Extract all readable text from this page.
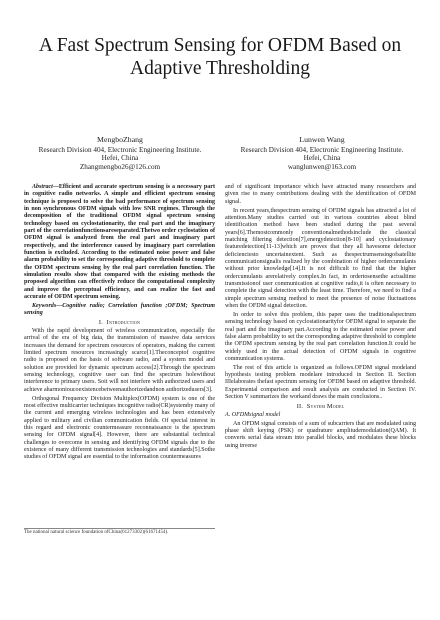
A Fast Spectrum Sensing for OFDM Based on Adaptive Thresholding
MengboZhang
Research Division 404, Electronic Engineering Institute.
Hefei, China
Zhangmengbo26@126.com
Lunwen Wang
Research Division 404, Electronic Engineering Institute.
Hefei, China
wanglunwen@163.com

Abstract—Efficient and accurate spectrum sensing is a necessary part in cognitive radio networks. A simple and efficient spectrum sensing technique is proposed to solve the bad performance of spectrum sensing in non synchronous OFDM signals with low SNR regimes. Through the decomposition of the traditional OFDM signal spectrum sensing technology based on cyclostationarity, the real part and the imaginary part of the correlationfunctionsareseparated.Thetwo order cyclostation of OFDM signal is analyzed from the real part and imaginary part respectively, and the interference caused by imaginary part correlation function is excluded. According to the estimated noise power and false alarm probability to set the corresponding adaptive threshold to complete the OFDM spectrum sensing by the real part correlation function. The simulation results show that compared with the existing methods the proposed algorithm can effectively reduce the computational complexity and improve the perceptual efficiency, and can realize the fast and accurate of OFDM spectrum sensing.

Keywords—Cognitive radio; Correlation function ;OFDM; Spectrum sensing

I. Introduction

With the rapid development of wireless communication, especially the arrival of the era of big data, the transmission of massive data services increases the demand for spectrum resources of operators, making the current limited spectrum resources increasingly scarce[1].Theconceptof cognitive radio is proposed on the basis of software radio, and a system model and solution are provided for dynamic spectrum access[2].Through the spectrum sensing technology, cognitive user can find the spectrum holewithout interference to primary users. Soit will not interfere with authorized users and achieve aharmonioucoexistencebetweenauthorizedandnon authorizedusers[3].

Orthogonal Frequency Division Multiplex(OFDM) system is one of the most effective multicarrier techniques incognitive radio(CR)systemby many of the current and emerging wireless technologies and has been extensively applied to military and civilian communication fields. Of special interest in this regard and electronic countermeasure reconnaissance is the spectrum sensing for OFDM signal[4]. However, there are substantial technical challenges to overcome in sensing and identifying OFDM signals due to the existence of many different transmission technologies and standards[5].Sothe studies of OFDM signal are essential to the information countermeasures

The national natural science foundation ofChina(61273302)(61671454).

and of significant importance which have attracted many researchers and given rise to many contributions dealing with the identification of OFDM signal.

In recent years,thespectrum sensing of OFDM signals has attracted a lot of attention.Many studies carried out in various countries about blind identification method have been studied during the past several years[6].Themostcommonly conventionalmethodsinclude the classical matching filtering detection[7],energydetection[8-10] and cyclostationary featuredetection[11-13]which are proves that they all havesome defectsor deficienciesto uncertainextent. Such as thespectrumsensingofsatellite communicationsignalis realized by the combination of higher ordercumulants without prior knowledge[14].It is not difficult to find that the higher ordercumulants arerelatively complex.In fact, in ordertosensethe actualtime transmissionof user communication at cognitive radio,it is often necessary to complete the signal detection with the least time. Therefore, we need to find a simple spectrum sensing method to meet the presence of noise fluctuations when the OFDM signal detection.

In order to solve this problem, this paper uses the traditionalspectrum sensing technology based on cyclostationarityfor OFDM signal to separate the real part and the imaginary part.According to the estimated noise power and false alarm probability to set the corresponding adaptive threshold to complete the OFDM spectrum sensing by the real part correlation function.It could be widely used in the actual detection of OFDM signals in cognitive communication systems.

The rest of this article is organized as follows.OFDM signal modeland hypothesis testing problem modelare introduced in Section II. Section IIIelaborates thefast spectrum sensing for OFDM based on adaptive threshold. Experimental comparison and result analysis are conducted in Section IV. Section V summarizes the workand draws the main conclusions..

II. System Model

A. OFDMsignal model

An OFDM signal consists of a sum of subcarriers that are modulated using phase shift keying (PSK) or quadrature amplitudemodulation(QAM). It converts serial data stream into parallel blocks, and modulates these blocks using inverse
